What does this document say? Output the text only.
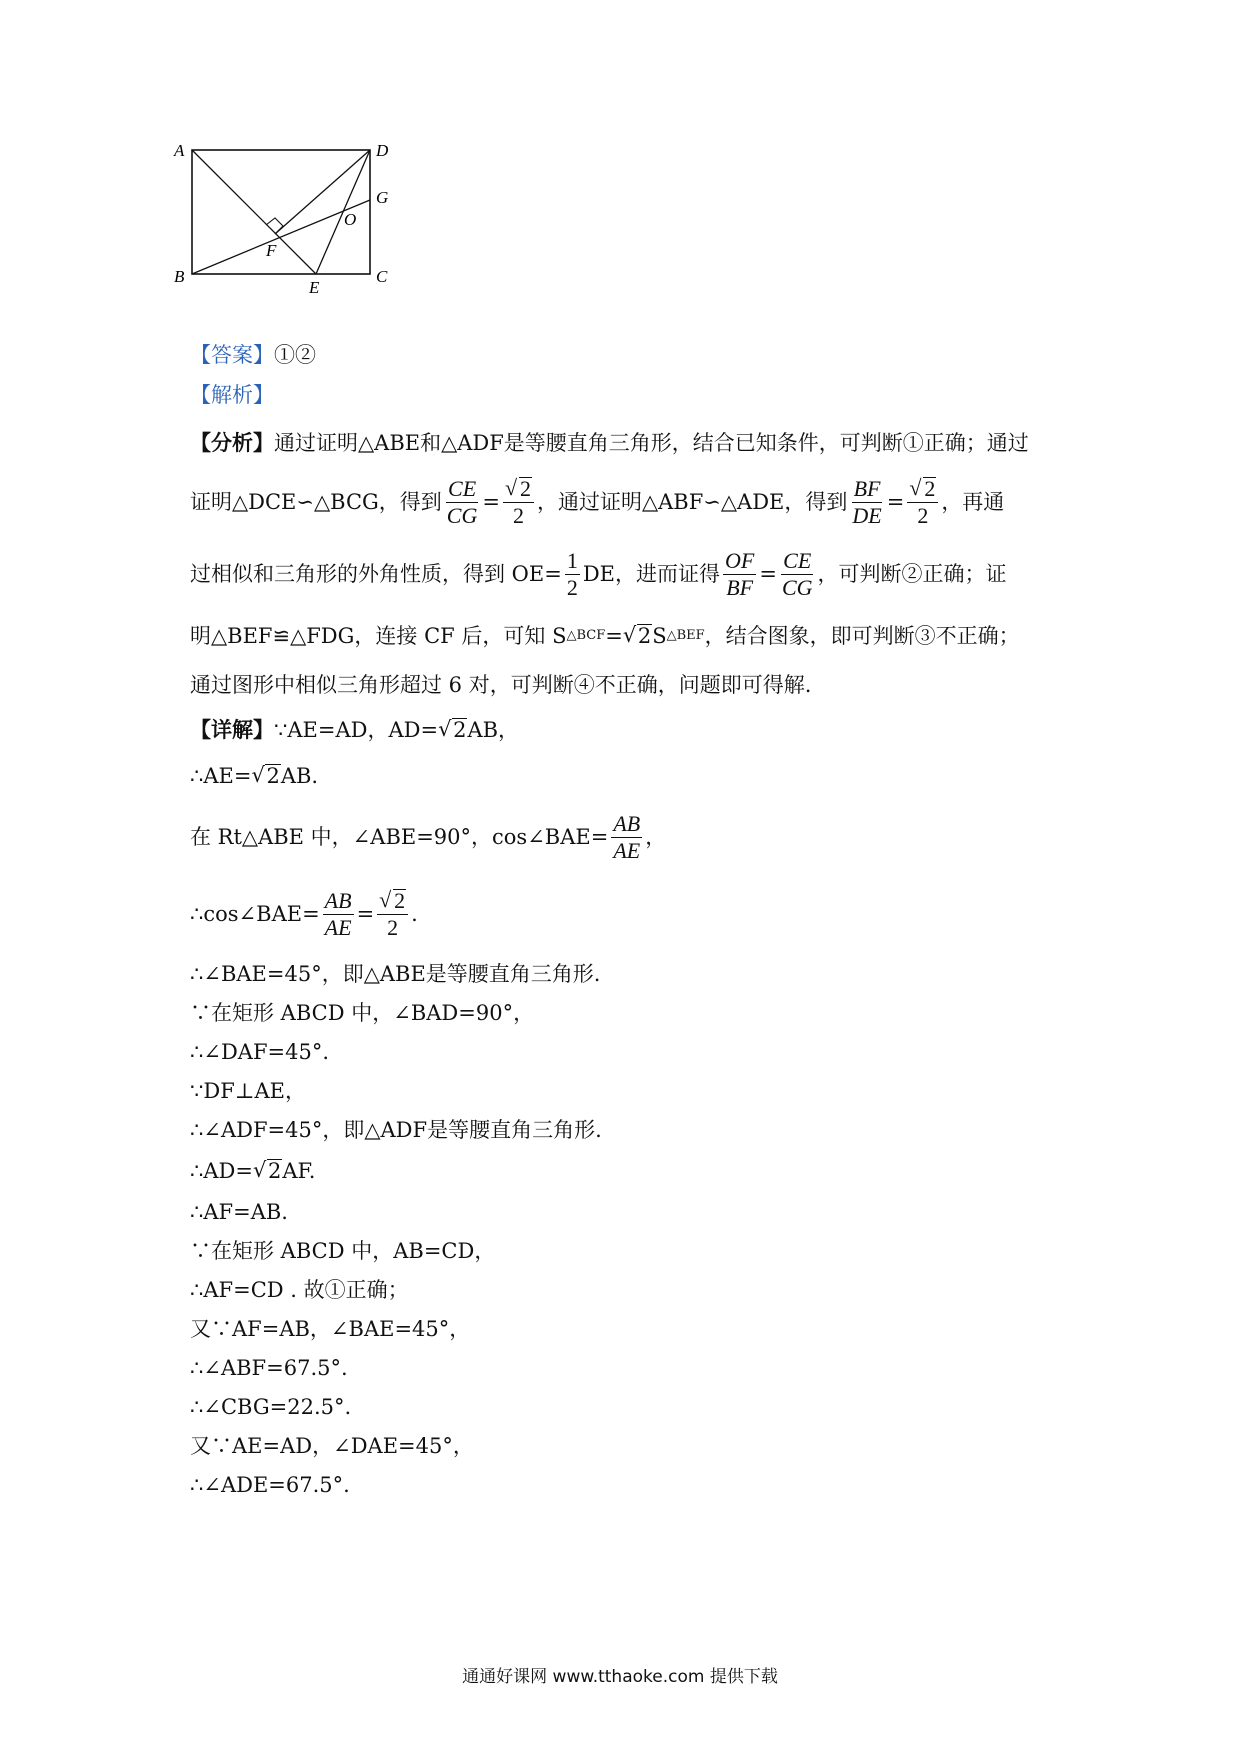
A	D
G
O
F
B
E
C
【答案】①②
【解析】
【分析】 通过证明△ABE和△ADF是等腰直角三角形，结合已知条件，可判断①正确；通过
证明△DCE∽△BCG，得到 $\frac{CE}{CG}$ = √ $\frac{2}{2}$ ，通过证明△ABF∽△ADE，得到 $\frac{BF}{DE}$ = √ $\frac{2}{2}$ ，再通
过相似和三角形的外角性质，得到 $OE= \frac{1}{2}$ DE，进而证得 $\frac{OF}{BF} = \frac{CE}{CG}$ ，可判断②正确；证
明△BEF≌△FDG，连接 CF 后，可知 S △BCF = √ 2 S △BEF ，结合图象，即可判断③不正确；
通过图形中相似三角形超过 6 对，可判断④不正确，问题即可得解.
【详解】 ∵AE=AD，AD= √ 2 AB，
∴AE= √ 2 AB.
在 Rt△ABE 中，∠ABE=90°，cos∠BAE= $\frac{AB}{AE}$ ，
∴cos∠BAE= $\frac{AB}{AE}$ = √ $\frac{2}{2}$ .
∴∠BAE=45°，即△ABE是等腰直角三角形.
∵在矩形 ABCD 中，∠BAD=90°，
∴∠DAF=45°.
∵DF⊥AE，
∴∠ADF=45°，即△ADF是等腰直角三角形.
∴AD= √ 2 AF.
∴AF=AB.
∵在矩形 ABCD 中，AB=CD，
∴AF=CD . 故①正确；
又∵AF=AB，∠BAE=45°，
∴∠ABF=67.5°.
∴∠CBG=22.5°.
又∵AE=AD，∠DAE=45°，
∴∠ADE=67.5°.
通通好课网 www.tthaoke.com 提供下载
